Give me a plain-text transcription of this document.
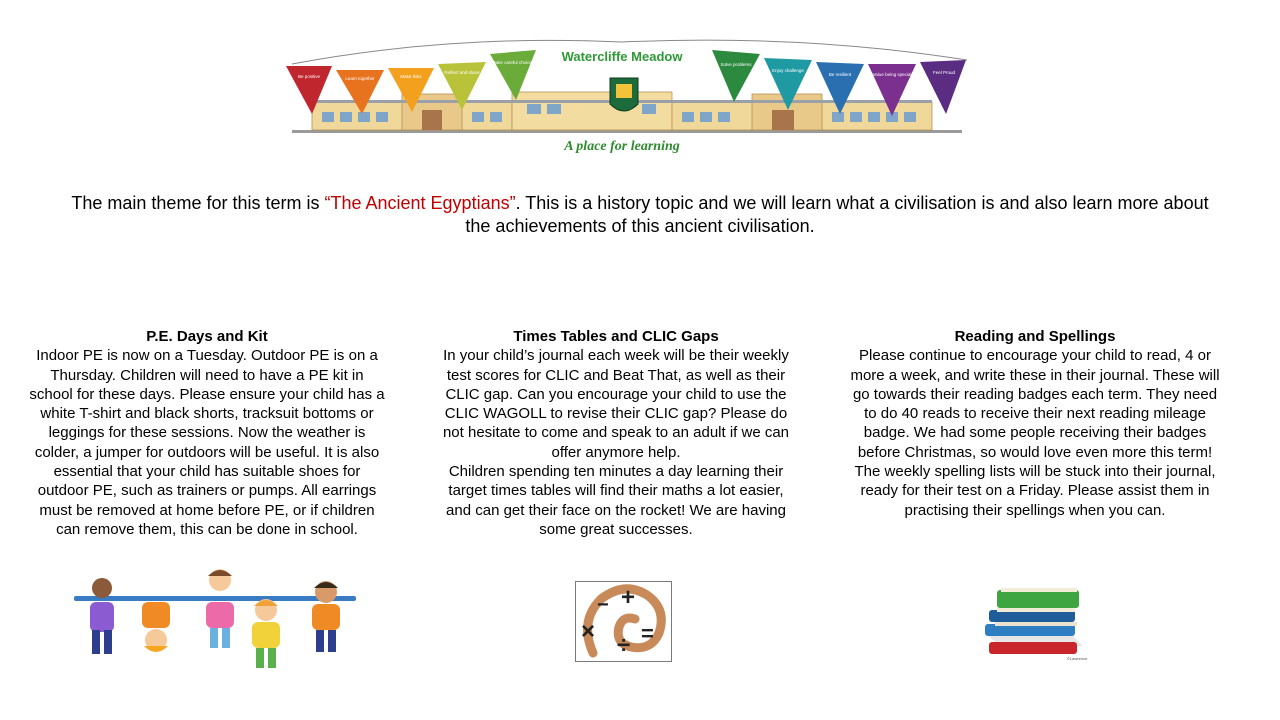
Be positive	Learn together	Make links
Reflect and share
Make careful choices	Solve problems
Enjoy challenge
Be resilient	Value being special	Feel Proud
Watercliffe Meadow
A place for learning
The main theme for this term is “The Ancient Egyptians”. This is a history topic and we will learn what a civilisation is and also learn more about the achievements of this ancient civilisation.
P.E. Days and Kit

Indoor PE is now on a Tuesday. Outdoor PE is on a Thursday. Children will need to have a PE kit in school for these days. Please ensure your child has a white T-shirt and black shorts, tracksuit bottoms or leggings for these sessions. Now the weather is colder, a jumper for outdoors will be useful. It is also essential that your child has suitable shoes for outdoor PE, such as trainers or pumps. All earrings must be removed at home before PE, or if children can remove them, this can be done in school.

Times Tables and CLIC Gaps

In your child’s journal each week will be their weekly test scores for CLIC and Beat That, as well as their CLIC gap. Can you encourage your child to use the CLIC WAGOLL to revise their CLIC gap? Please do not hesitate to come and speak to an adult if we can offer anymore help.

Children spending ten minutes a day learning their target times tables will find their maths a lot easier, and can get their face on the rocket! We are having some great successes.

Reading and Spellings

Please continue to encourage your child to read, 4 or more a week, and write these in their journal. These will go towards their reading badges each term. They need to do 40 reads to receive their next reading mileage badge. We had some people receiving their badges before Christmas, so would love even more this term!

The weekly spelling lists will be stuck into their journal, ready for their test on a Friday. Please assist them in practising their spellings when you can.

+
−
×
÷ =
©Lawrence
